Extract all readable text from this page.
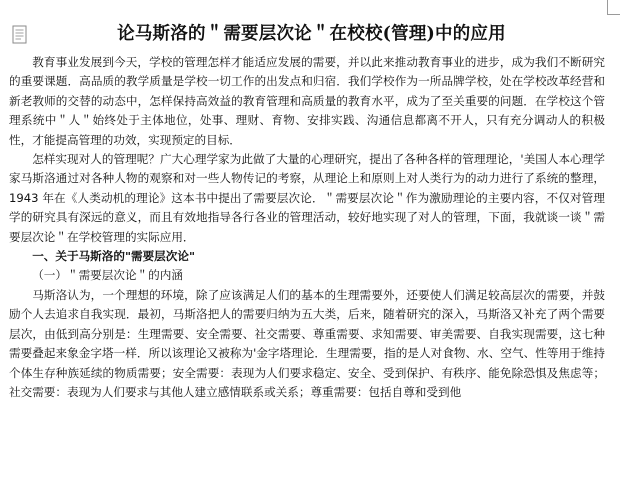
论马斯洛的＂需要层次论＂在校校(管理)中的应用

教育事业发展到今天，学校的管理怎样才能适应发展的需要，并以此来推动教育事业的进步，成为我们不断研究的重要课题．高品质的教学质量是学校一切工作的出发点和归宿．我们学校作为一所品牌学校，处在学校改革经营和新老教师的交替的动态中，怎样保持高效益的教育管理和高质量的教育水平，成为了至关重要的问题．在学校这个管理系统中＂人＂始终处于主体地位，处事、理财、育物、安排实践、沟通信息都离不开人，只有充分调动人的积极性，才能提高管理的功效，实现预定的目标．

怎样实现对人的管理呢？广大心理学家为此做了大量的心理研究，提出了各种各样的管理理论，'美国人本心理学家马斯洛通过对各种人物的观察和对一些人物传记的考察，从理论上和原则上对人类行为的动力进行了系统的整理，1943 年在《人类动机的理论》这本书中提出了需要层次论．＂需要层次论＂作为激励理论的主要内容，不仅对管理学的研究具有深远的意义，而且有效地指导各行各业的管理活动，较好地实现了对人的管理，下面，我就谈一谈＂需要层次论＂在学校管理的实际应用．

一、关于马斯洛的"需要层次论"

（一）＂需要层次论＂的内涵

马斯洛认为，一个理想的环境，除了应该满足人们的基本的生理需要外，还要使人们满足较高层次的需要，并鼓励个人去追求自我实现．最初，马斯洛把人的需要归纳为五大类，后来，随着研究的深入，马斯洛又补充了两个需要层次，由低到高分别是：生理需要、安全需要、社交需要、尊重需要、求知需要、审美需要、自我实现需要，这七种需要叠起来象金字塔一样．所以该理论又被称为'金字塔理论．生理需要，指的是人对食物、水、空气、性等用于维持个体生存种族延续的物质需要；安全需要：表现为人们要求稳定、安全、受到保护、有秩序、能免除恐惧及焦虑等；社交需要：表现为人们要求与其他人建立感情联系或关系；尊重需要：包括自尊和受到他
